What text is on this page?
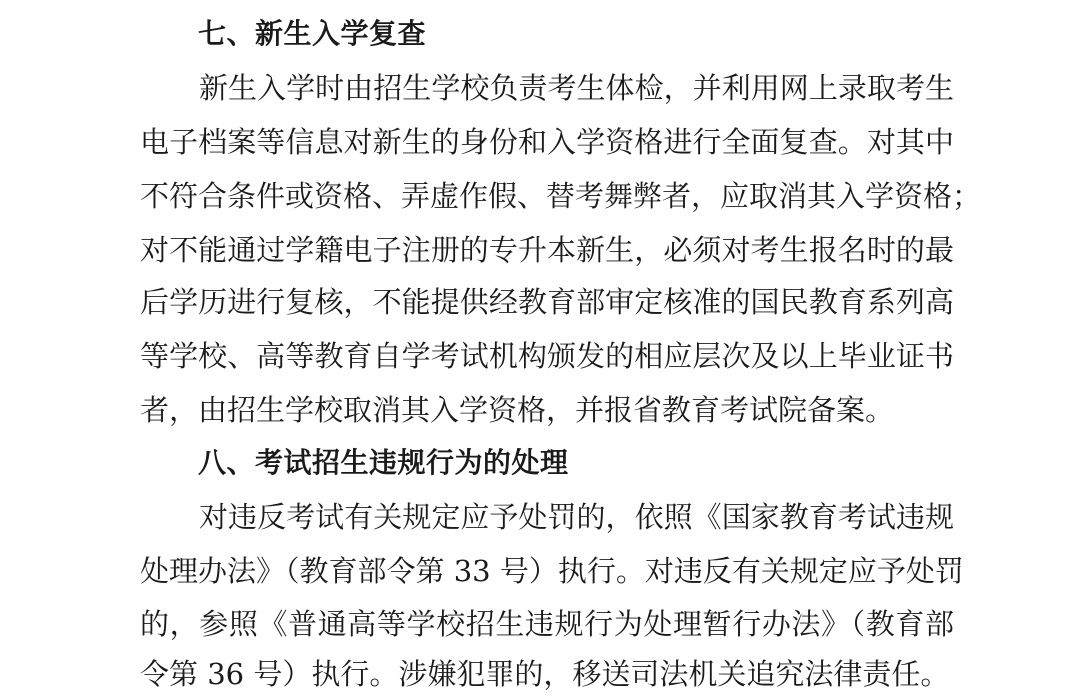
七、新生入学复查
新生入学时由招生学校负责考生体检，并利用网上录取考生
电子档案等信息对新生的身份和入学资格进行全面复查。对其中
不符合条件或资格、弄虚作假、替考舞弊者，应取消其入学资格；
对不能通过学籍电子注册的专升本新生，必须对考生报名时的最
后学历进行复核，不能提供经教育部审定核准的国民教育系列高
等学校、高等教育自学考试机构颁发的相应层次及以上毕业证书
者，由招生学校取消其入学资格，并报省教育考试院备案。
八、考试招生违规行为的处理
对违反考试有关规定应予处罚的，依照《国家教育考试违规
处理办法》（教育部令第 33 号）执行。对违反有关规定应予处罚
的，参照《普通高等学校招生违规行为处理暂行办法》（教育部
令第 36 号）执行。涉嫌犯罪的，移送司法机关追究法律责任。
